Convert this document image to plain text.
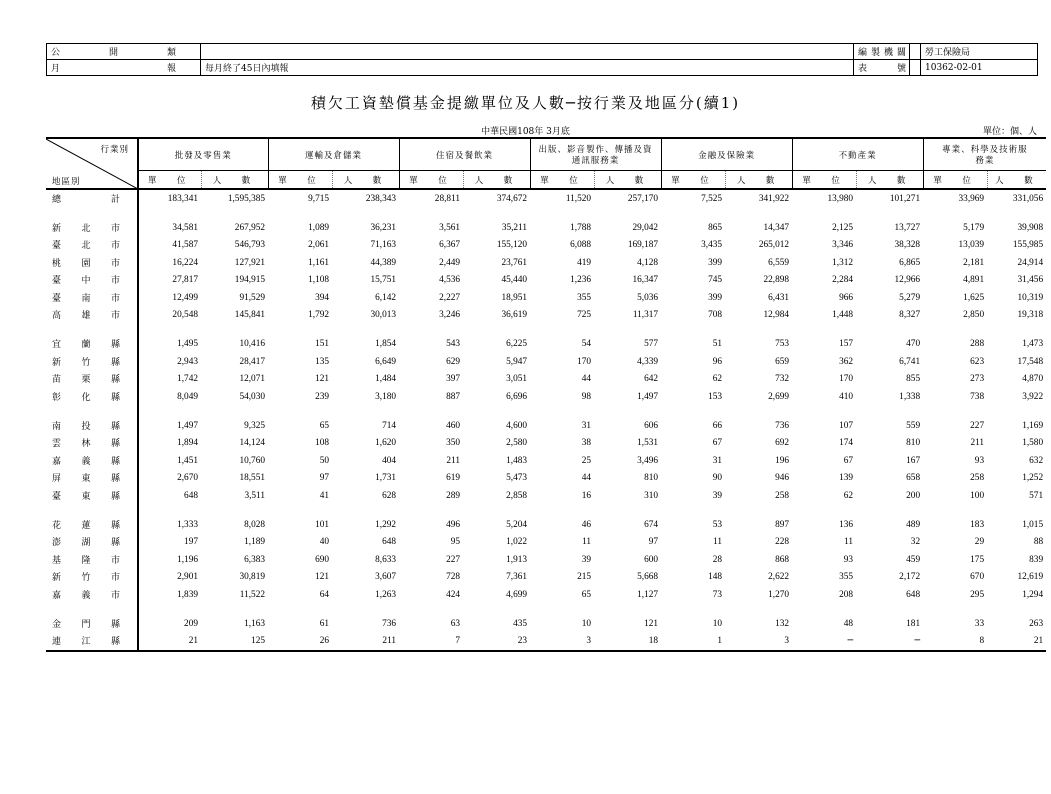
公　開　類	
月　　　報	每月終了45日內填報
編製機關	勞工保險局
表　　號	10362-02-01
積欠工資墊償基金提繳單位及人數─按行業及地區分(續1)
中華民國108年 3月底	單位：個、人
行業別
地區別	批發及零售業		運輸及倉儲業		住宿及餐飲業		出版、影音製作、傳播及資通訊服務業		金融及保險業		不動產業		專業、科學及技術服務業	
	單　位	人　數	單　位	人　數	單　位	人　數	單　位	人　數	單　位	人　數	單　位	人　數	單　位	人　數

總 計	183,341	1,595,385	9,715	238,343	28,811	374,672	11,520	257,170	7,525	341,922	13,980	101,271	33,969	331,056

新 北 市	34,581	267,952	1,089	36,231	3,561	35,211	1,788	29,042	865	14,347	2,125	13,727	5,179	39,908

臺 北 市	41,587	546,793	2,061	71,163	6,367	155,120	6,088	169,187	3,435	265,012	3,346	38,328	13,039	155,985

桃 園 市	16,224	127,921	1,161	44,389	2,449	23,761	419	4,128	399	6,559	1,312	6,865	2,181	24,914

臺 中 市	27,817	194,915	1,108	15,751	4,536	45,440	1,236	16,347	745	22,898	2,284	12,966	4,891	31,456

臺 南 市	12,499	91,529	394	6,142	2,227	18,951	355	5,036	399	6,431	966	5,279	1,625	10,319

高 雄 市	20,548	145,841	1,792	30,013	3,246	36,619	725	11,317	708	12,984	1,448	8,327	2,850	19,318

宜 蘭 縣	1,495	10,416	151	1,854	543	6,225	54	577	51	753	157	470	288	1,473

新 竹 縣	2,943	28,417	135	6,649	629	5,947	170	4,339	96	659	362	6,741	623	17,548

苗 栗 縣	1,742	12,071	121	1,484	397	3,051	44	642	62	732	170	855	273	4,870

彰 化 縣	8,049	54,030	239	3,180	887	6,696	98	1,497	153	2,699	410	1,338	738	3,922

南 投 縣	1,497	9,325	65	714	460	4,600	31	606	66	736	107	559	227	1,169

雲 林 縣	1,894	14,124	108	1,620	350	2,580	38	1,531	67	692	174	810	211	1,580

嘉 義 縣	1,451	10,760	50	404	211	1,483	25	3,496	31	196	67	167	93	632

屏 東 縣	2,670	18,551	97	1,731	619	5,473	44	810	90	946	139	658	258	1,252

臺 東 縣	648	3,511	41	628	289	2,858	16	310	39	258	62	200	100	571

花 蓮 縣	1,333	8,028	101	1,292	496	5,204	46	674	53	897	136	489	183	1,015

澎 湖 縣	197	1,189	40	648	95	1,022	11	97	11	228	11	32	29	88

基 隆 市	1,196	6,383	690	8,633	227	1,913	39	600	28	868	93	459	175	839

新 竹 市	2,901	30,819	121	3,607	728	7,361	215	5,668	148	2,622	355	2,172	670	12,619

嘉 義 市	1,839	11,522	64	1,263	424	4,699	65	1,127	73	1,270	208	648	295	1,294

金 門 縣	209	1,163	61	736	63	435	10	121	10	132	48	181	33	263

連 江 縣	21	125	26	211	7	23	3	18	1	3	─	─	8	21
